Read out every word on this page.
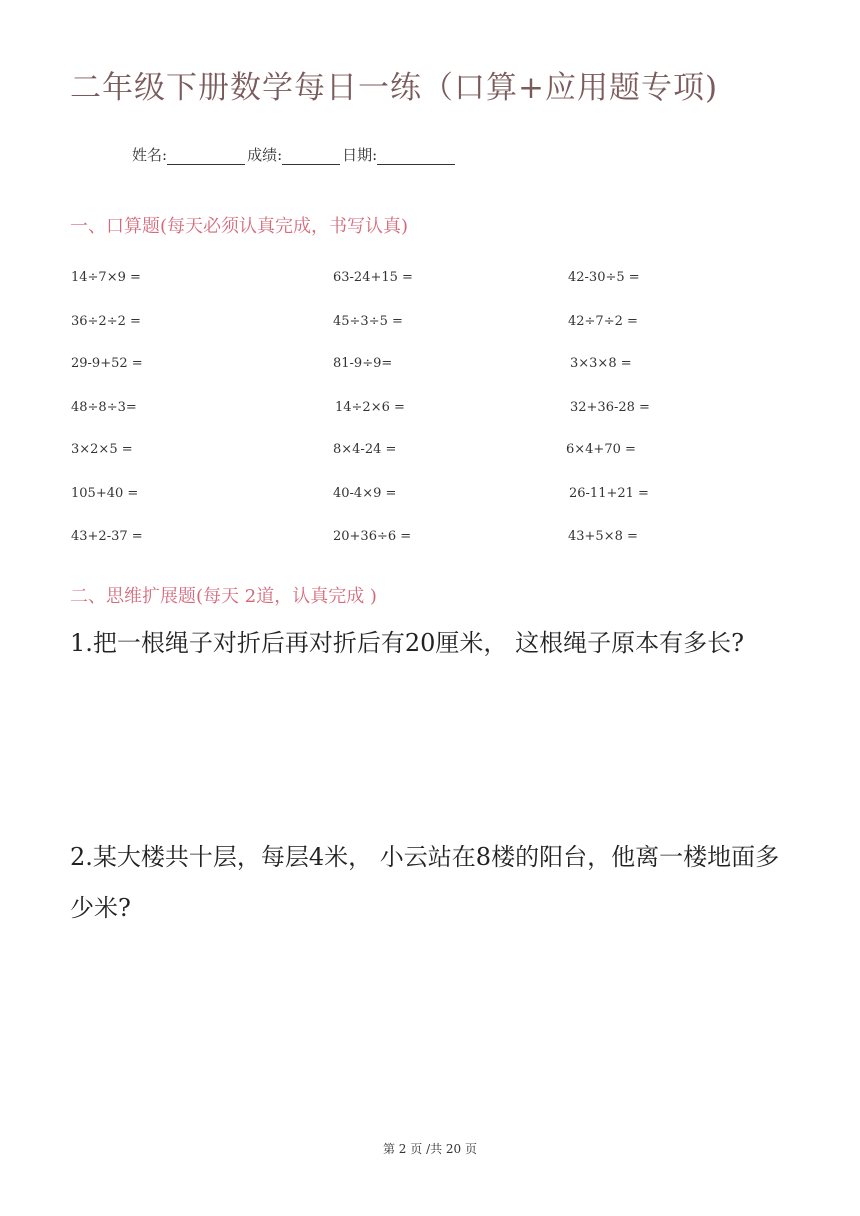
二年级下册数学每日一练（口算+应用题专项)
姓名:	成绩:	日期:
一、口算题(每天必须认真完成，书写认真)
14÷7×9 =	63-24+15 =	42-30÷5 =
36÷2÷2 =	45÷3÷5 =	42÷7÷2 =
29-9+52 =	81-9÷9=	3×3×8 =
48÷8÷3=	14÷2×6 =	32+36-28 =
3×2×5 =	8×4-24 =	6×4+70 =
105+40 =	40-4×9 =	26-11+21 =
43+2-37 =	20+36÷6 =	43+5×8 =
二、思维扩展题(每天 2道，认真完成 )
1.把一根绳子对折后再对折后有20厘米， 这根绳子原本有多长?
2.某大楼共十层，每层4米， 小云站在8楼的阳台，他离一楼地面多少米?
第 2 页 /共 20 页
